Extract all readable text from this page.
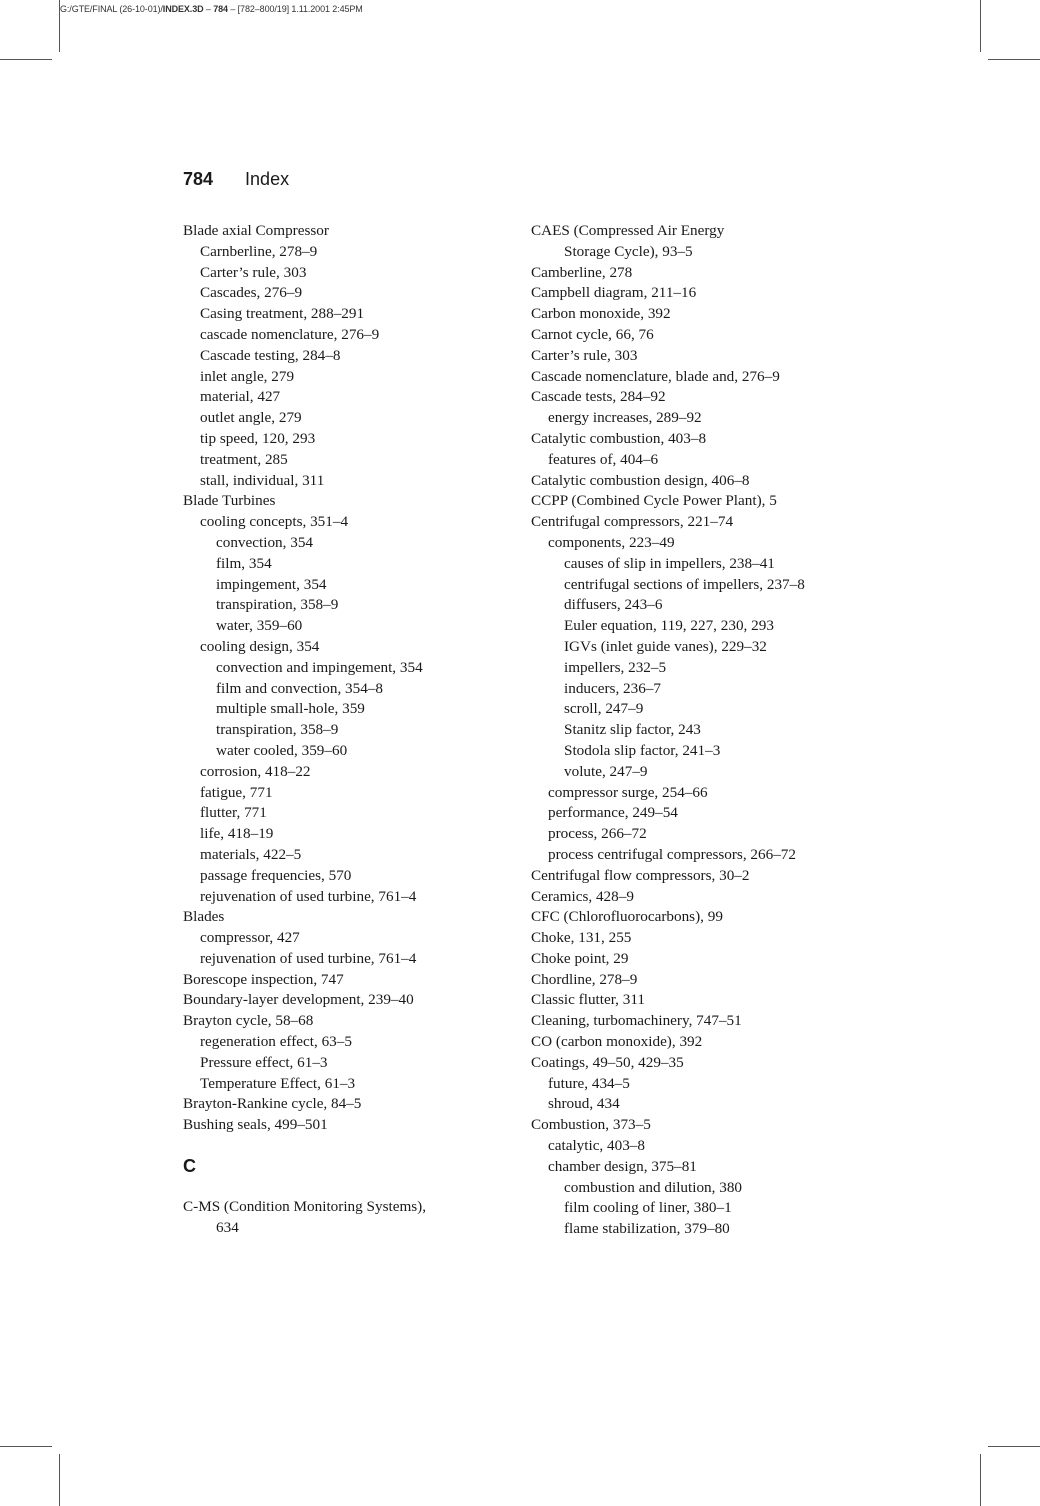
G:/GTE/FINAL (26-10-01)/INDEX.3D – 784 – [782–800/19] 1.11.2001 2:45PM
784 Index
Blade axial Compressor
Carnberline, 278–9
Carter’s rule, 303
Cascades, 276–9
Casing treatment, 288–291
cascade nomenclature, 276–9
Cascade testing, 284–8
inlet angle, 279
material, 427
outlet angle, 279
tip speed, 120, 293
treatment, 285
stall, individual, 311
Blade Turbines
cooling concepts, 351–4
convection, 354
film, 354
impingement, 354
transpiration, 358–9
water, 359–60
cooling design, 354
convection and impingement, 354
film and convection, 354–8
multiple small-hole, 359
transpiration, 358–9
water cooled, 359–60
corrosion, 418–22
fatigue, 771
flutter, 771
life, 418–19
materials, 422–5
passage frequencies, 570
rejuvenation of used turbine, 761–4
Blades
compressor, 427
rejuvenation of used turbine, 761–4
Borescope inspection, 747
Boundary-layer development, 239–40
Brayton cycle, 58–68
regeneration effect, 63–5
Pressure effect, 61–3
Temperature Effect, 61–3
Brayton-Rankine cycle, 84–5
Bushing seals, 499–501
C
C-MS (Condition Monitoring Systems),
634
CAES (Compressed Air Energy
Storage Cycle), 93–5
Camberline, 278
Campbell diagram, 211–16
Carbon monoxide, 392
Carnot cycle, 66, 76
Carter’s rule, 303
Cascade nomenclature, blade and, 276–9
Cascade tests, 284–92
energy increases, 289–92
Catalytic combustion, 403–8
features of, 404–6
Catalytic combustion design, 406–8
CCPP (Combined Cycle Power Plant), 5
Centrifugal compressors, 221–74
components, 223–49
causes of slip in impellers, 238–41
centrifugal sections of impellers, 237–8
diffusers, 243–6
Euler equation, 119, 227, 230, 293
IGVs (inlet guide vanes), 229–32
impellers, 232–5
inducers, 236–7
scroll, 247–9
Stanitz slip factor, 243
Stodola slip factor, 241–3
volute, 247–9
compressor surge, 254–66
performance, 249–54
process, 266–72
process centrifugal compressors, 266–72
Centrifugal flow compressors, 30–2
Ceramics, 428–9
CFC (Chlorofluorocarbons), 99
Choke, 131, 255
Choke point, 29
Chordline, 278–9
Classic flutter, 311
Cleaning, turbomachinery, 747–51
CO (carbon monoxide), 392
Coatings, 49–50, 429–35
future, 434–5
shroud, 434
Combustion, 373–5
catalytic, 403–8
chamber design, 375–81
combustion and dilution, 380
film cooling of liner, 380–1
flame stabilization, 379–80
